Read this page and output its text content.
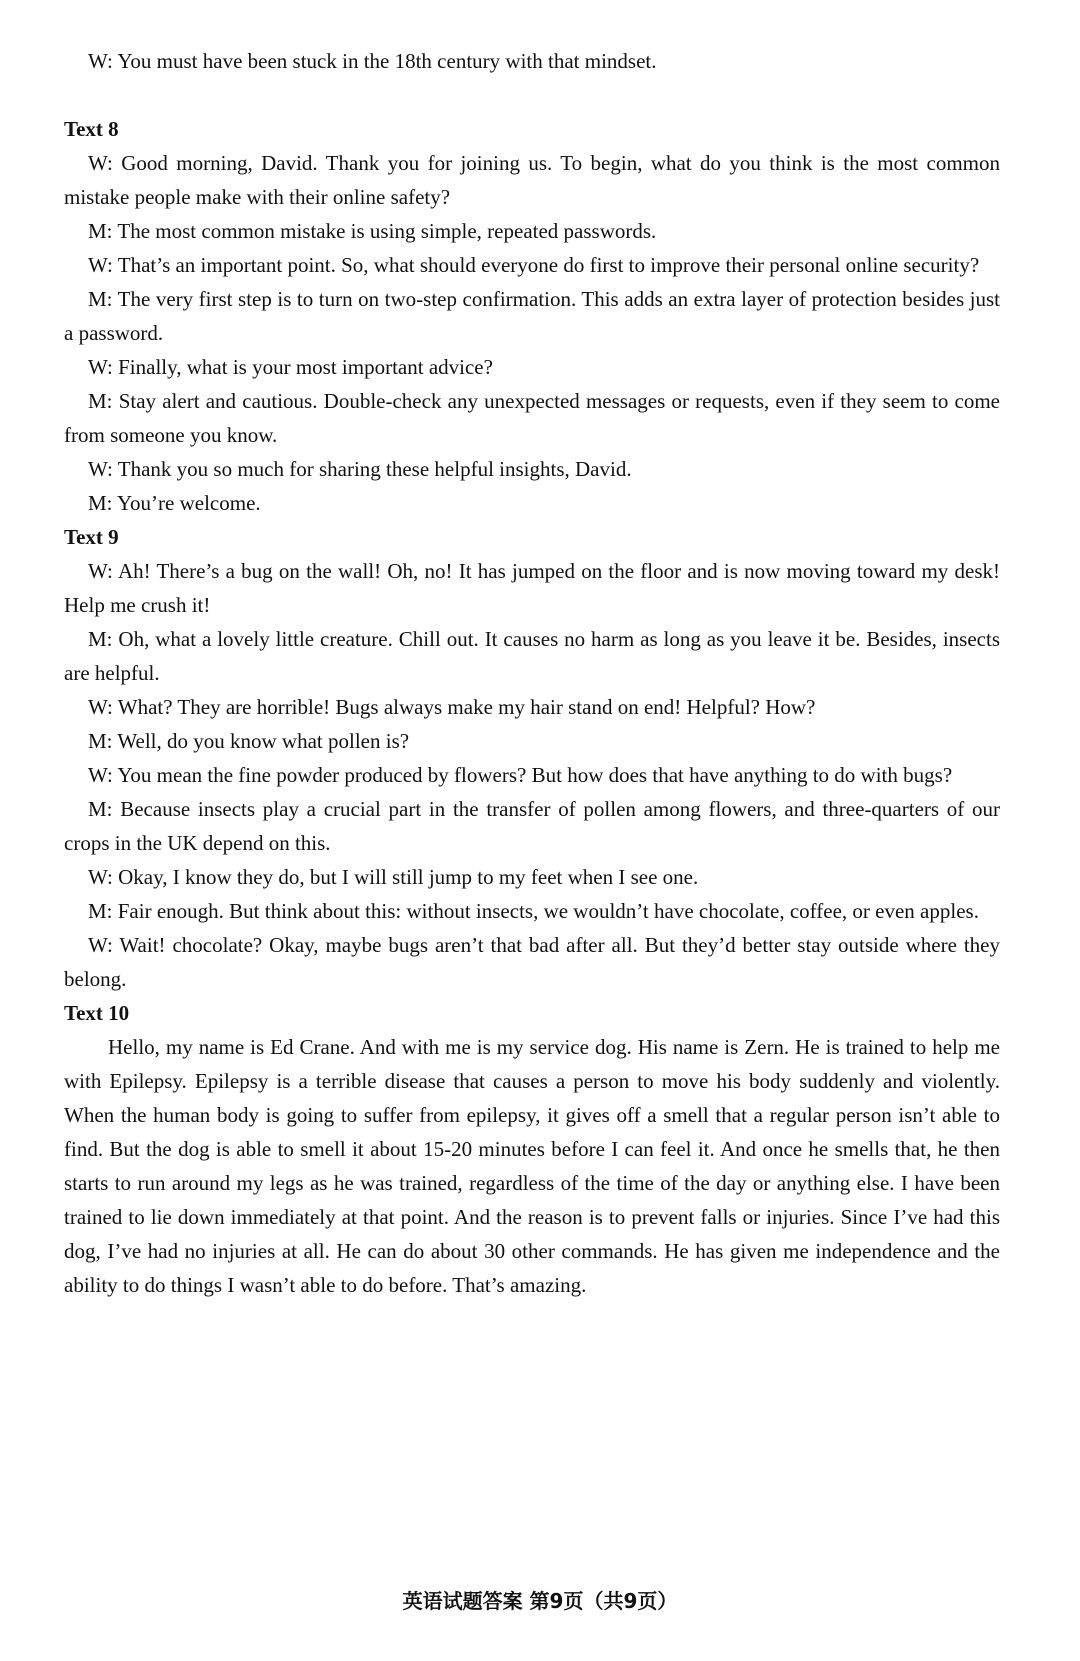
W: You must have been stuck in the 18th century with that mindset.

Text 8

W: Good morning, David. Thank you for joining us. To begin, what do you think is the most common mistake people make with their online safety?

M: The most common mistake is using simple, repeated passwords.

W: That’s an important point. So, what should everyone do first to improve their personal online security?

M: The very first step is to turn on two-step confirmation. This adds an extra layer of protection besides just a password.

W: Finally, what is your most important advice?

M: Stay alert and cautious. Double-check any unexpected messages or requests, even if they seem to come from someone you know.

W: Thank you so much for sharing these helpful insights, David.

M: You’re welcome.

Text 9

W: Ah! There’s a bug on the wall! Oh, no! It has jumped on the floor and is now moving toward my desk! Help me crush it!

M: Oh, what a lovely little creature. Chill out. It causes no harm as long as you leave it be. Besides, insects are helpful.

W: What? They are horrible! Bugs always make my hair stand on end! Helpful? How?

M: Well, do you know what pollen is?

W: You mean the fine powder produced by flowers? But how does that have anything to do with bugs?

M: Because insects play a crucial part in the transfer of pollen among flowers, and three-quarters of our crops in the UK depend on this.

W: Okay, I know they do, but I will still jump to my feet when I see one.

M: Fair enough. But think about this: without insects, we wouldn’t have chocolate, coffee, or even apples.

W: Wait! chocolate? Okay, maybe bugs aren’t that bad after all. But they’d better stay outside where they belong.

Text 10

Hello, my name is Ed Crane. And with me is my service dog. His name is Zern. He is trained to help me with Epilepsy. Epilepsy is a terrible disease that causes a person to move his body suddenly and violently. When the human body is going to suffer from epilepsy, it gives off a smell that a regular person isn’t able to find. But the dog is able to smell it about 15-20 minutes before I can feel it. And once he smells that, he then starts to run around my legs as he was trained, regardless of the time of the day or anything else. I have been trained to lie down immediately at that point. And the reason is to prevent falls or injuries. Since I’ve had this dog, I’ve had no injuries at all. He can do about 30 other commands. He has given me independence and the ability to do things I wasn’t able to do before. That’s amazing.

英语试题答案 第9页（共9页）
